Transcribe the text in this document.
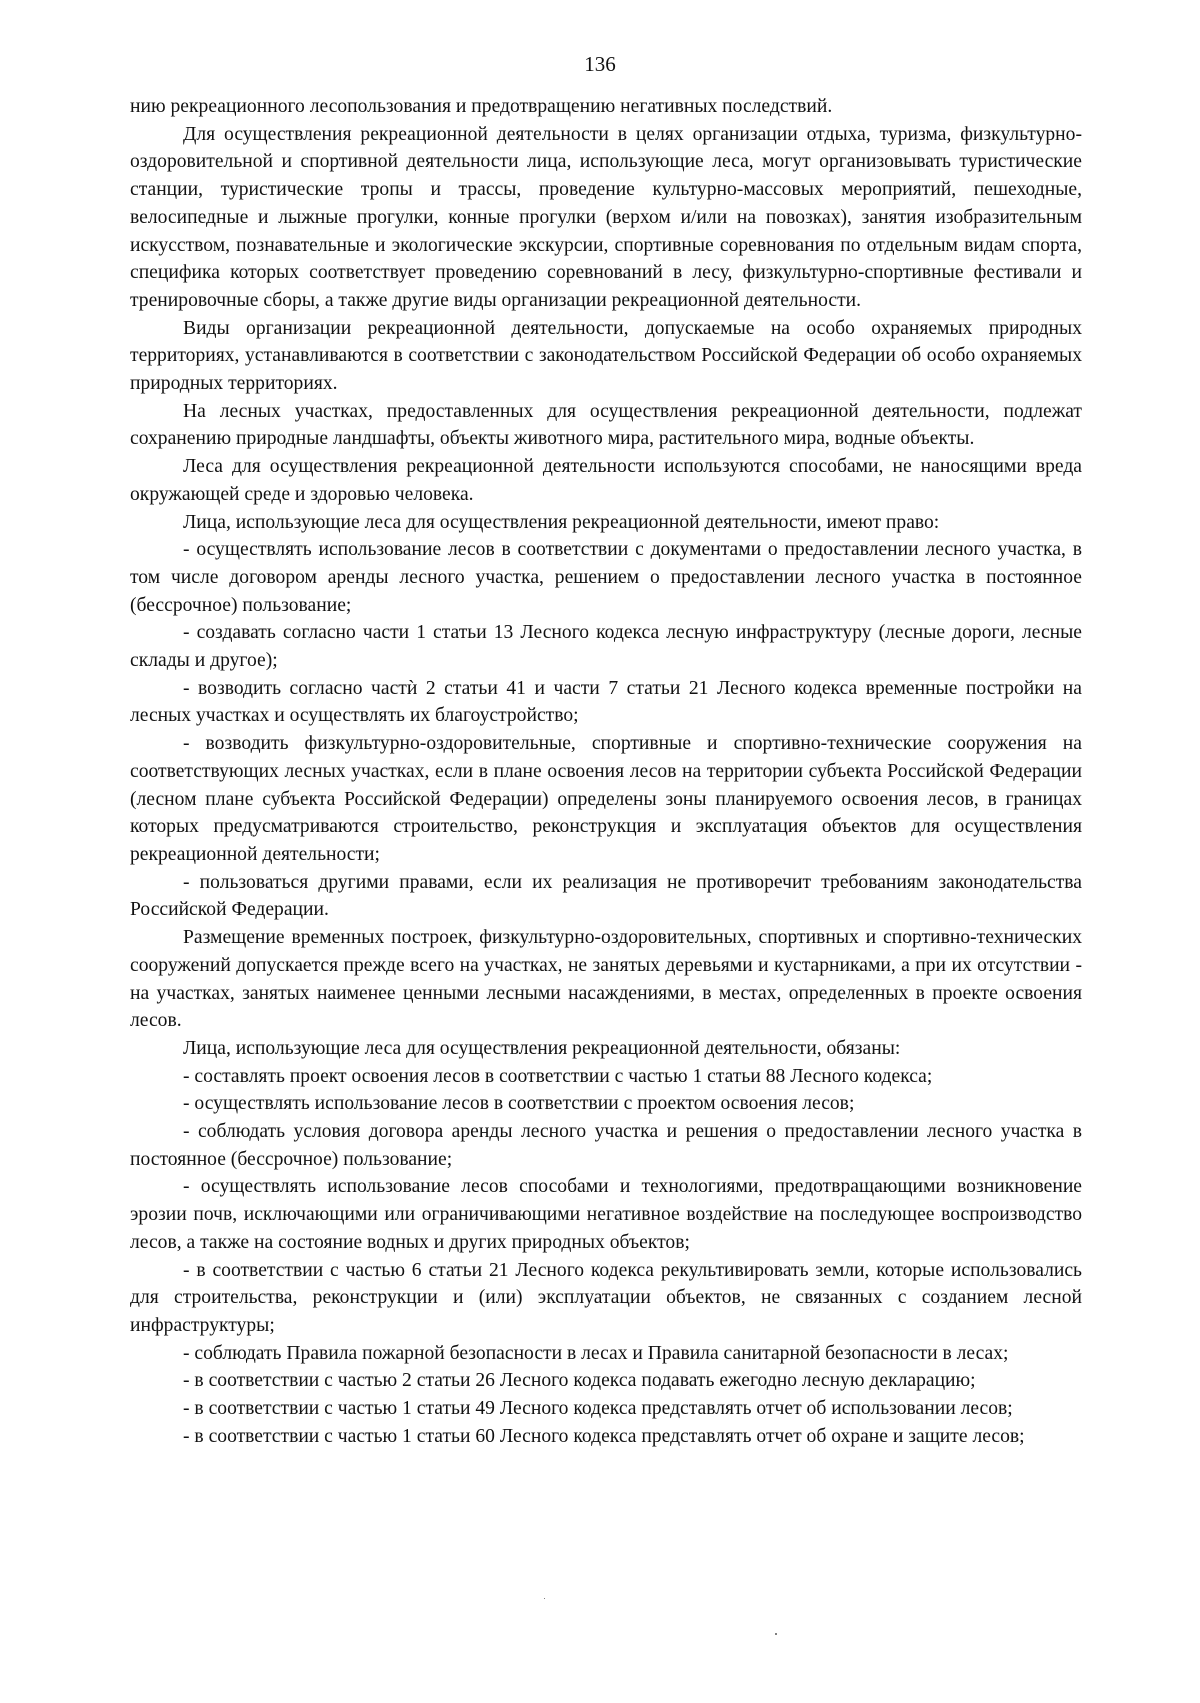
136

нию рекреационного лесопользования и предотвращению негативных последствий.

Для осуществления рекреационной деятельности в целях организации отдыха, туризма, физкультурно-оздоровительной и спортивной деятельности лица, использующие леса, могут организовывать туристические станции, туристические тропы и трассы, проведение культурно-массовых мероприятий, пешеходные, велосипедные и лыжные прогулки, конные прогулки (верхом и/или на повозках), занятия изобразительным искусством, познавательные и экологические экскурсии, спортивные соревнования по отдельным видам спорта, специфика которых соответствует проведению соревнований в лесу, физкультурно-спортивные фестивали и тренировочные сборы, а также другие виды организации рекреационной деятельности.

Виды организации рекреационной деятельности, допускаемые на особо охраняемых природных территориях, устанавливаются в соответствии с законодательством Российской Федерации об особо охраняемых природных территориях.

На лесных участках, предоставленных для осуществления рекреационной деятельности, подлежат сохранению природные ландшафты, объекты животного мира, растительного мира, водные объекты.

Леса для осуществления рекреационной деятельности используются способами, не наносящими вреда окружающей среде и здоровью человека.

Лица, использующие леса для осуществления рекреационной деятельности, имеют право:

- осуществлять использование лесов в соответствии с документами о предоставлении лесного участка, в том числе договором аренды лесного участка, решением о предоставлении лесного участка в постоянное (бессрочное) пользование;

- создавать согласно части 1 статьи 13 Лесного кодекса лесную инфраструктуру (лесные дороги, лесные склады и другое);

- возводить согласно частѝ 2 статьи 41 и части 7 статьи 21 Лесного кодекса временные постройки на лесных участках и осуществлять их благоустройство;

- возводить физкультурно-оздоровительные, спортивные и спортивно-технические сооружения на соответствующих лесных участках, если в плане освоения лесов на территории субъекта Российской Федерации (лесном плане субъекта Российской Федерации) определены зоны планируемого освоения лесов, в границах которых предусматриваются строительство, реконструкция и эксплуатация объектов для осуществления рекреационной деятельности;

- пользоваться другими правами, если их реализация не противоречит требованиям законодательства Российской Федерации.

Размещение временных построек, физкультурно-оздоровительных, спортивных и спортивно-технических сооружений допускается прежде всего на участках, не занятых деревьями и кустарниками, а при их отсутствии - на участках, занятых наименее ценными лесными насаждениями, в местах, определенных в проекте освоения лесов.

Лица, использующие леса для осуществления рекреационной деятельности, обязаны:

- составлять проект освоения лесов в соответствии с частью 1 статьи 88 Лесного кодекса;

- осуществлять использование лесов в соответствии с проектом освоения лесов;

- соблюдать условия договора аренды лесного участка и решения о предоставлении лесного участка в постоянное (бессрочное) пользование;

- осуществлять использование лесов способами и технологиями, предотвращающими возникновение эрозии почв, исключающими или ограничивающими негативное воздействие на последующее воспроизводство лесов, а также на состояние водных и других природных объектов;

- в соответствии с частью 6 статьи 21 Лесного кодекса рекультивировать земли, которые использовались для строительства, реконструкции и (или) эксплуатации объектов, не связанных с созданием лесной инфраструктуры;

- соблюдать Правила пожарной безопасности в лесах и Правила санитарной безопасности в лесах;

- в соответствии с частью 2 статьи 26 Лесного кодекса подавать ежегодно лесную декларацию;

- в соответствии с частью 1 статьи 49 Лесного кодекса представлять отчет об использовании лесов;

- в соответствии с частью 1 статьи 60 Лесного кодекса представлять отчет об охране и защите лесов;
